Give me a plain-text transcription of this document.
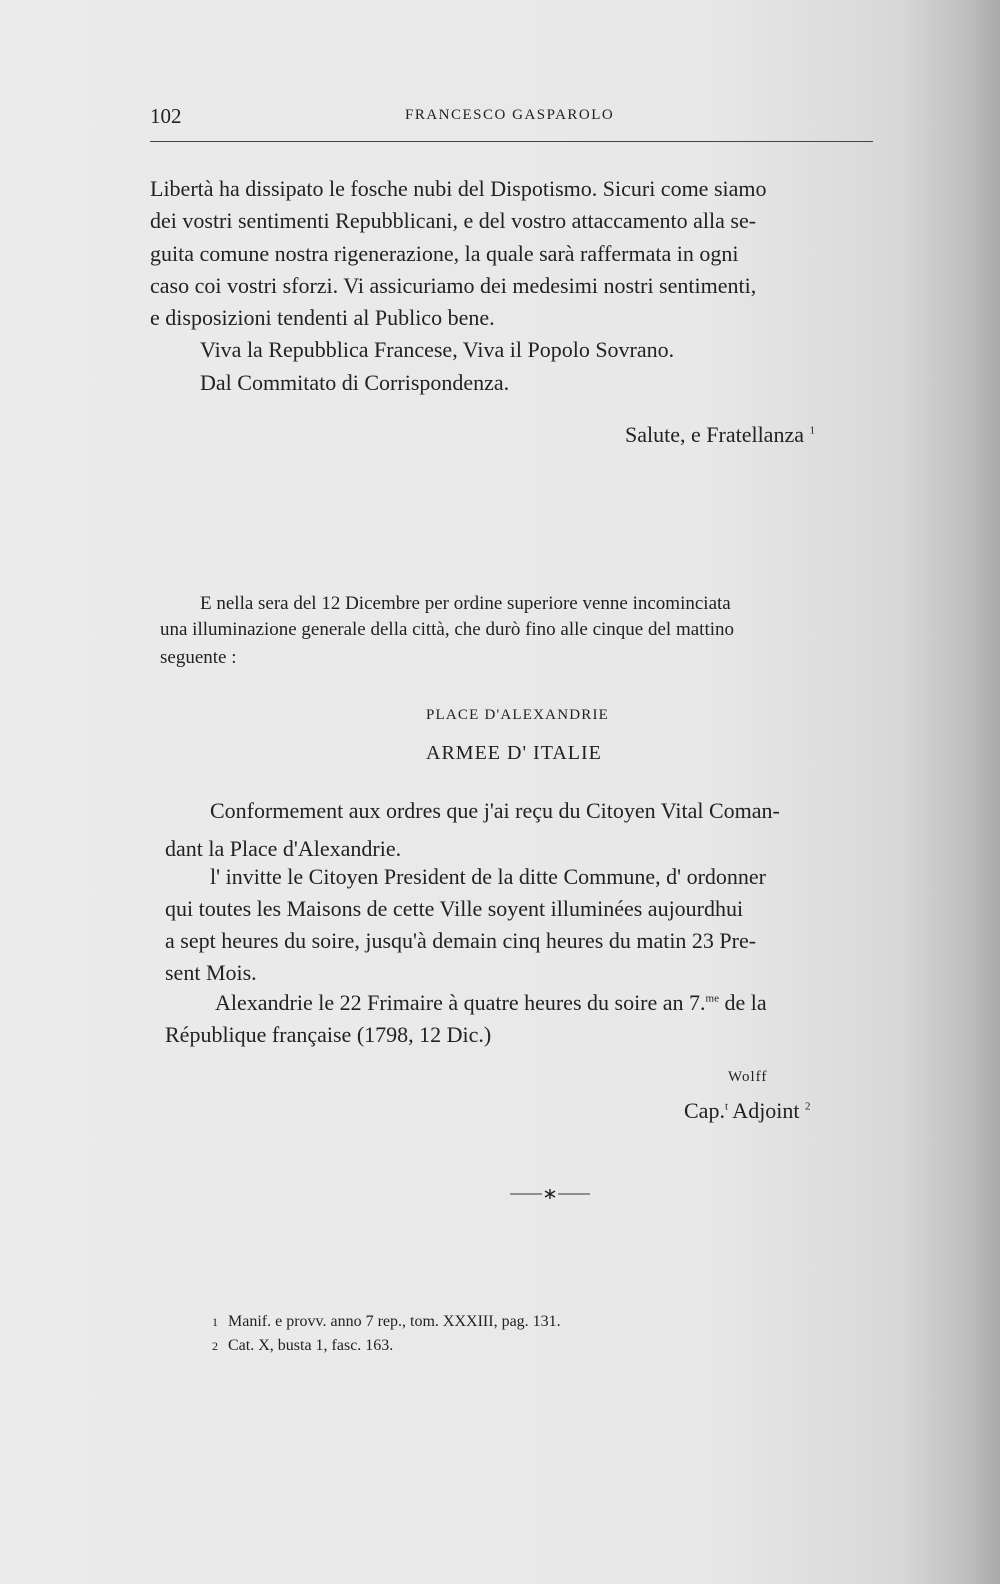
102	FRANCESCO GASPAROLO
Libertà ha dissipato le fosche nubi del Dispotismo. Sicuri come siamo
dei vostri sentimenti Repubblicani, e del vostro attaccamento alla se-
guita comune nostra rigenerazione, la quale sarà raffermata in ogni
caso coi vostri sforzi. Vi assicuriamo dei medesimi nostri sentimenti,
e disposizioni tendenti al Publico bene.
Viva la Repubblica Francese, Viva il Popolo Sovrano.
Dal Commitato di Corrispondenza.
Salute, e Fratellanza $^1$
E nella sera del 12 Dicembre per ordine superiore venne incominciata
una illuminazione generale della città, che durò fino alle cinque del mattino
seguente :
PLACE D'ALEXANDRIE
ARMEE D' ITALIE
Conformement aux ordres que j'ai reçu du Citoyen Vital Coman-
dant la Place d'Alexandrie.
l' invitte le Citoyen President de la ditte Commune, d' ordonner
qui toutes les Maisons de cette Ville soyent illuminées aujourdhui
a sept heures du soire, jusqu'à demain cinq heures du matin 23 Pre-
sent Mois.
Alexandrie le 22 Frimaire à quatre heures du soire an 7.$^{me}$ de la
République française (1798, 12 Dic.)
Wolff
Cap.$^t$ Adjoint $^2$
1 Manif. e provv. anno 7 rep., tom. XXXIII, pag. 131.
2 Cat. X, busta 1, fasc. 163.
